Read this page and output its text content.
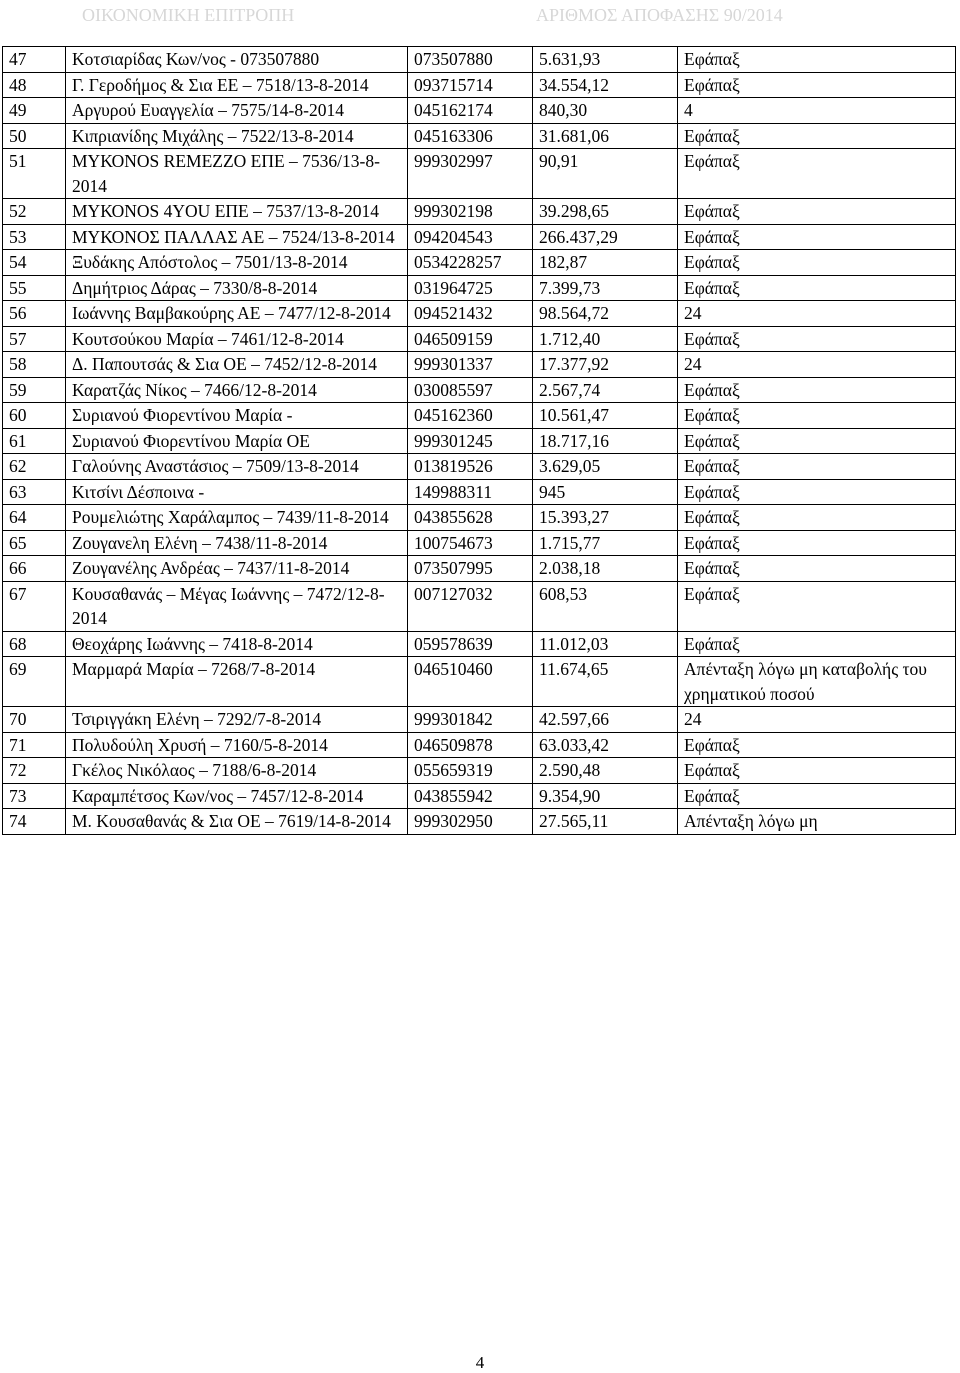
ΟΙΚΟΝΟΜΙΚΗ ΕΠΙΤΡΟΠΗ	ΑΡΙΘΜΟΣ ΑΠΟΦΑΣΗΣ 90/2014
47	Κοτσιαρίδας Κων/νος - 073507880	073507880	5.631,93	Εφάπαξ
48	Γ. Γεροδήμος & Σια ΕΕ – 7518/13-8-2014	093715714	34.554,12	Εφάπαξ
49	Αργυρού Ευαγγελία – 7575/14-8-2014	045162174	840,30	4
50	Κιπριανίδης Μιχάλης – 7522/13-8-2014	045163306	31.681,06	Εφάπαξ
51	ΜΥΚΟΝΟS REMEZZO ΕΠΕ – 7536/13-8-2014	999302997	90,91	Εφάπαξ
52	ΜΥΚΟΝΟS 4YOU ΕΠΕ – 7537/13-8-2014	999302198	39.298,65	Εφάπαξ
53	ΜΥΚΟΝΟΣ ΠΑΛΛΑΣ ΑΕ – 7524/13-8-2014	094204543	266.437,29	Εφάπαξ
54	Ξυδάκης Απόστολος – 7501/13-8-2014	0534228257	182,87	Εφάπαξ
55	Δημήτριος Δάρας – 7330/8-8-2014	031964725	7.399,73	Εφάπαξ
56	Ιωάννης Βαμβακούρης ΑΕ – 7477/12-8-2014	094521432	98.564,72	24
57	Κουτσούκου Μαρία – 7461/12-8-2014	046509159	1.712,40	Εφάπαξ
58	Δ. Παπουτσάς & Σια ΟΕ – 7452/12-8-2014	999301337	17.377,92	24
59	Καρατζάς Νίκος – 7466/12-8-2014	030085597	2.567,74	Εφάπαξ
60	Συριανού Φιορεντίνου Μαρία -	045162360	10.561,47	Εφάπαξ
61	Συριανού Φιορεντίνου Μαρία ΟΕ	999301245	18.717,16	Εφάπαξ
62	Γαλούνης Αναστάσιος – 7509/13-8-2014	013819526	3.629,05	Εφάπαξ
63	Κιτσίνι Δέσποινα -	149988311	945	Εφάπαξ
64	Ρουμελιώτης Χαράλαμπος – 7439/11-8-2014	043855628	15.393,27	Εφάπαξ
65	Ζουγανελη Ελένη – 7438/11-8-2014	100754673	1.715,77	Εφάπαξ
66	Ζουγανέλης Ανδρέας – 7437/11-8-2014	073507995	2.038,18	Εφάπαξ
67	Κουσαθανάς – Μέγας Ιωάννης – 7472/12-8-2014	007127032	608,53	Εφάπαξ
68	Θεοχάρης Ιωάννης – 7418-8-2014	059578639	11.012,03	Εφάπαξ
69	Μαρμαρά Μαρία – 7268/7-8-2014	046510460	11.674,65	Απένταξη λόγω μη καταβολής του χρηματικού ποσού
70	Τσιριγγάκη Ελένη – 7292/7-8-2014	999301842	42.597,66	24
71	Πολυδούλη Χρυσή – 7160/5-8-2014	046509878	63.033,42	Εφάπαξ
72	Γκέλος Νικόλαος – 7188/6-8-2014	055659319	2.590,48	Εφάπαξ
73	Καραμπέτσος Κων/νος – 7457/12-8-2014	043855942	9.354,90	Εφάπαξ
74	Μ. Κουσαθανάς & Σια ΟΕ – 7619/14-8-2014	999302950	27.565,11	Απένταξη λόγω μη
4
